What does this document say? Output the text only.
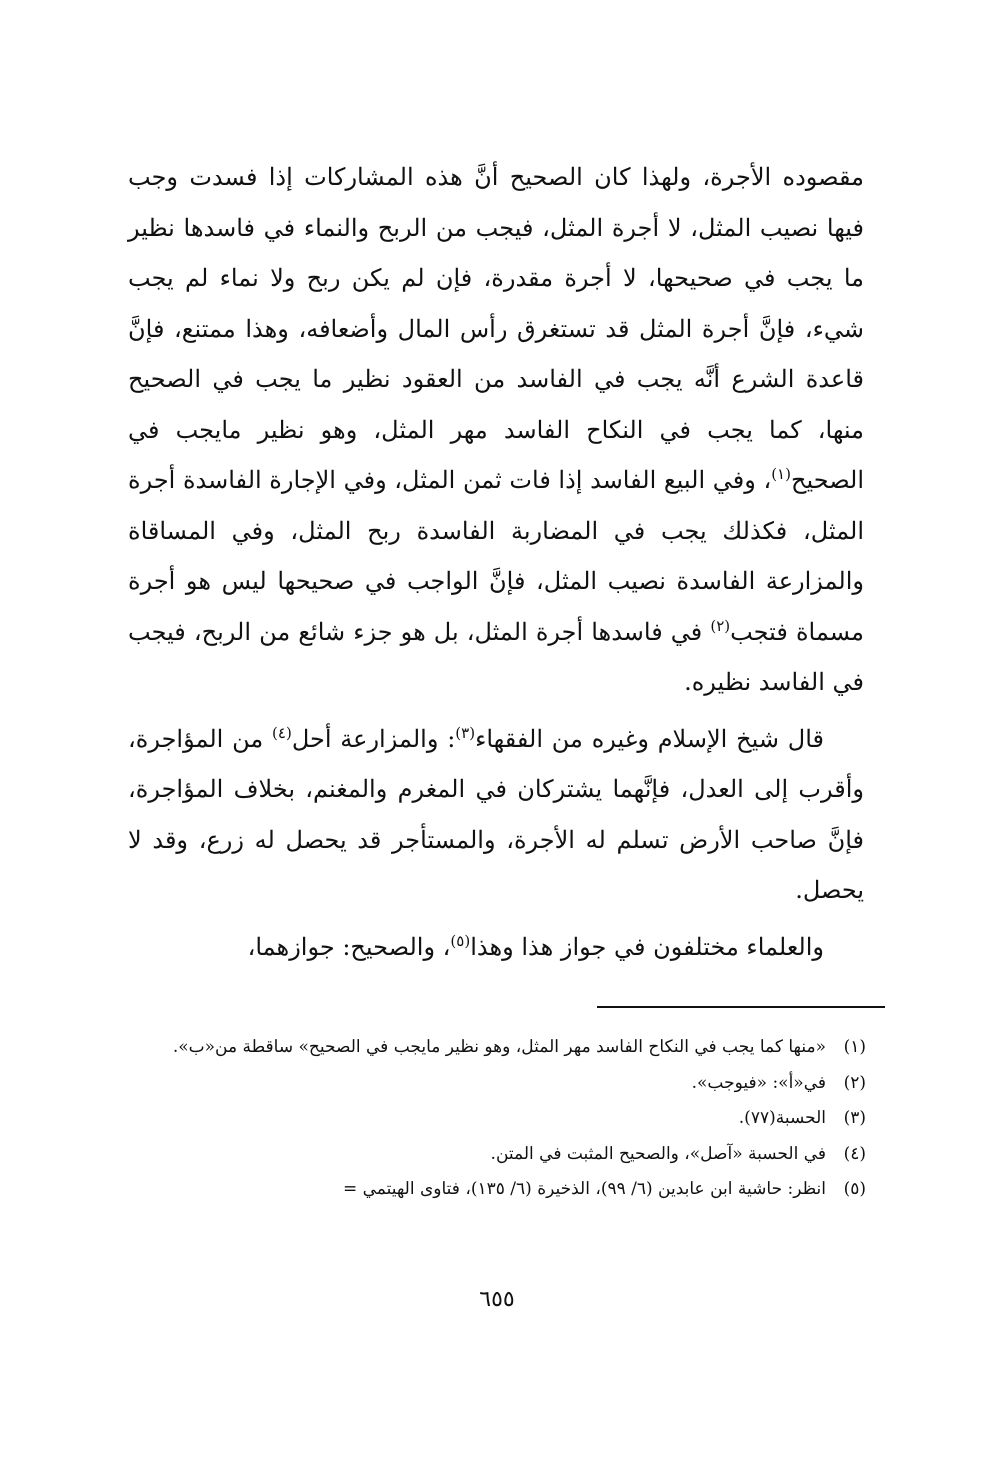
مقصوده الأجرة، ولهذا كان الصحيح أنَّ هذه المشاركات إذا فسدت وجب فيها نصيب المثل، لا أجرة المثل، فيجب من الربح والنماء في فاسدها نظير ما يجب في صحيحها، لا أجرة مقدرة، فإن لم يكن ربح ولا نماء لم يجب شيء، فإنَّ أجرة المثل قد تستغرق رأس المال وأضعافه، وهذا ممتنع، فإنَّ قاعدة الشرع أنَّه يجب في الفاسد من العقود نظير ما يجب في الصحيح منها، كما يجب في النكاح الفاسد مهر المثل، وهو نظير مايجب في الصحيح$^{(١)}$، وفي البيع الفاسد إذا فات ثمن المثل، وفي الإجارة الفاسدة أجرة المثل، فكذلك يجب في المضاربة الفاسدة ربح المثل، وفي المساقاة والمزارعة الفاسدة نصيب المثل، فإنَّ الواجب في صحيحها ليس هو أجرة مسماة فتجب$^{(٢)}$ في فاسدها أجرة المثل، بل هو جزء شائع من الربح، فيجب في الفاسد نظيره.

قال شيخ الإسلام وغيره من الفقهاء$^{(٣)}$: والمزارعة أحل$^{(٤)}$ من المؤاجرة، وأقرب إلى العدل، فإنَّهما يشتركان في المغرم والمغنم، بخلاف المؤاجرة، فإنَّ صاحب الأرض تسلم له الأجرة، والمستأجر قد يحصل له زرع، وقد لا يحصل.

والعلماء مختلفون في جواز هذا وهذا$^{(٥)}$، والصحيح: جوازهما،

(١)
«منها كما يجب في النكاح الفاسد مهر المثل، وهو نظير مايجب في الصحيح» ساقطة من«ب».
(٢)
في«أ»: «فيوجب».
(٣)
الحسبة(٧٧).
(٤)
في الحسبة «آصل»، والصحيح المثبت في المتن.
(٥)
انظر: حاشية ابن عابدين (٦/ ٩٩)، الذخيرة (٦/ ١٣٥)، فتاوى الهيتمي =
٦٥٥
